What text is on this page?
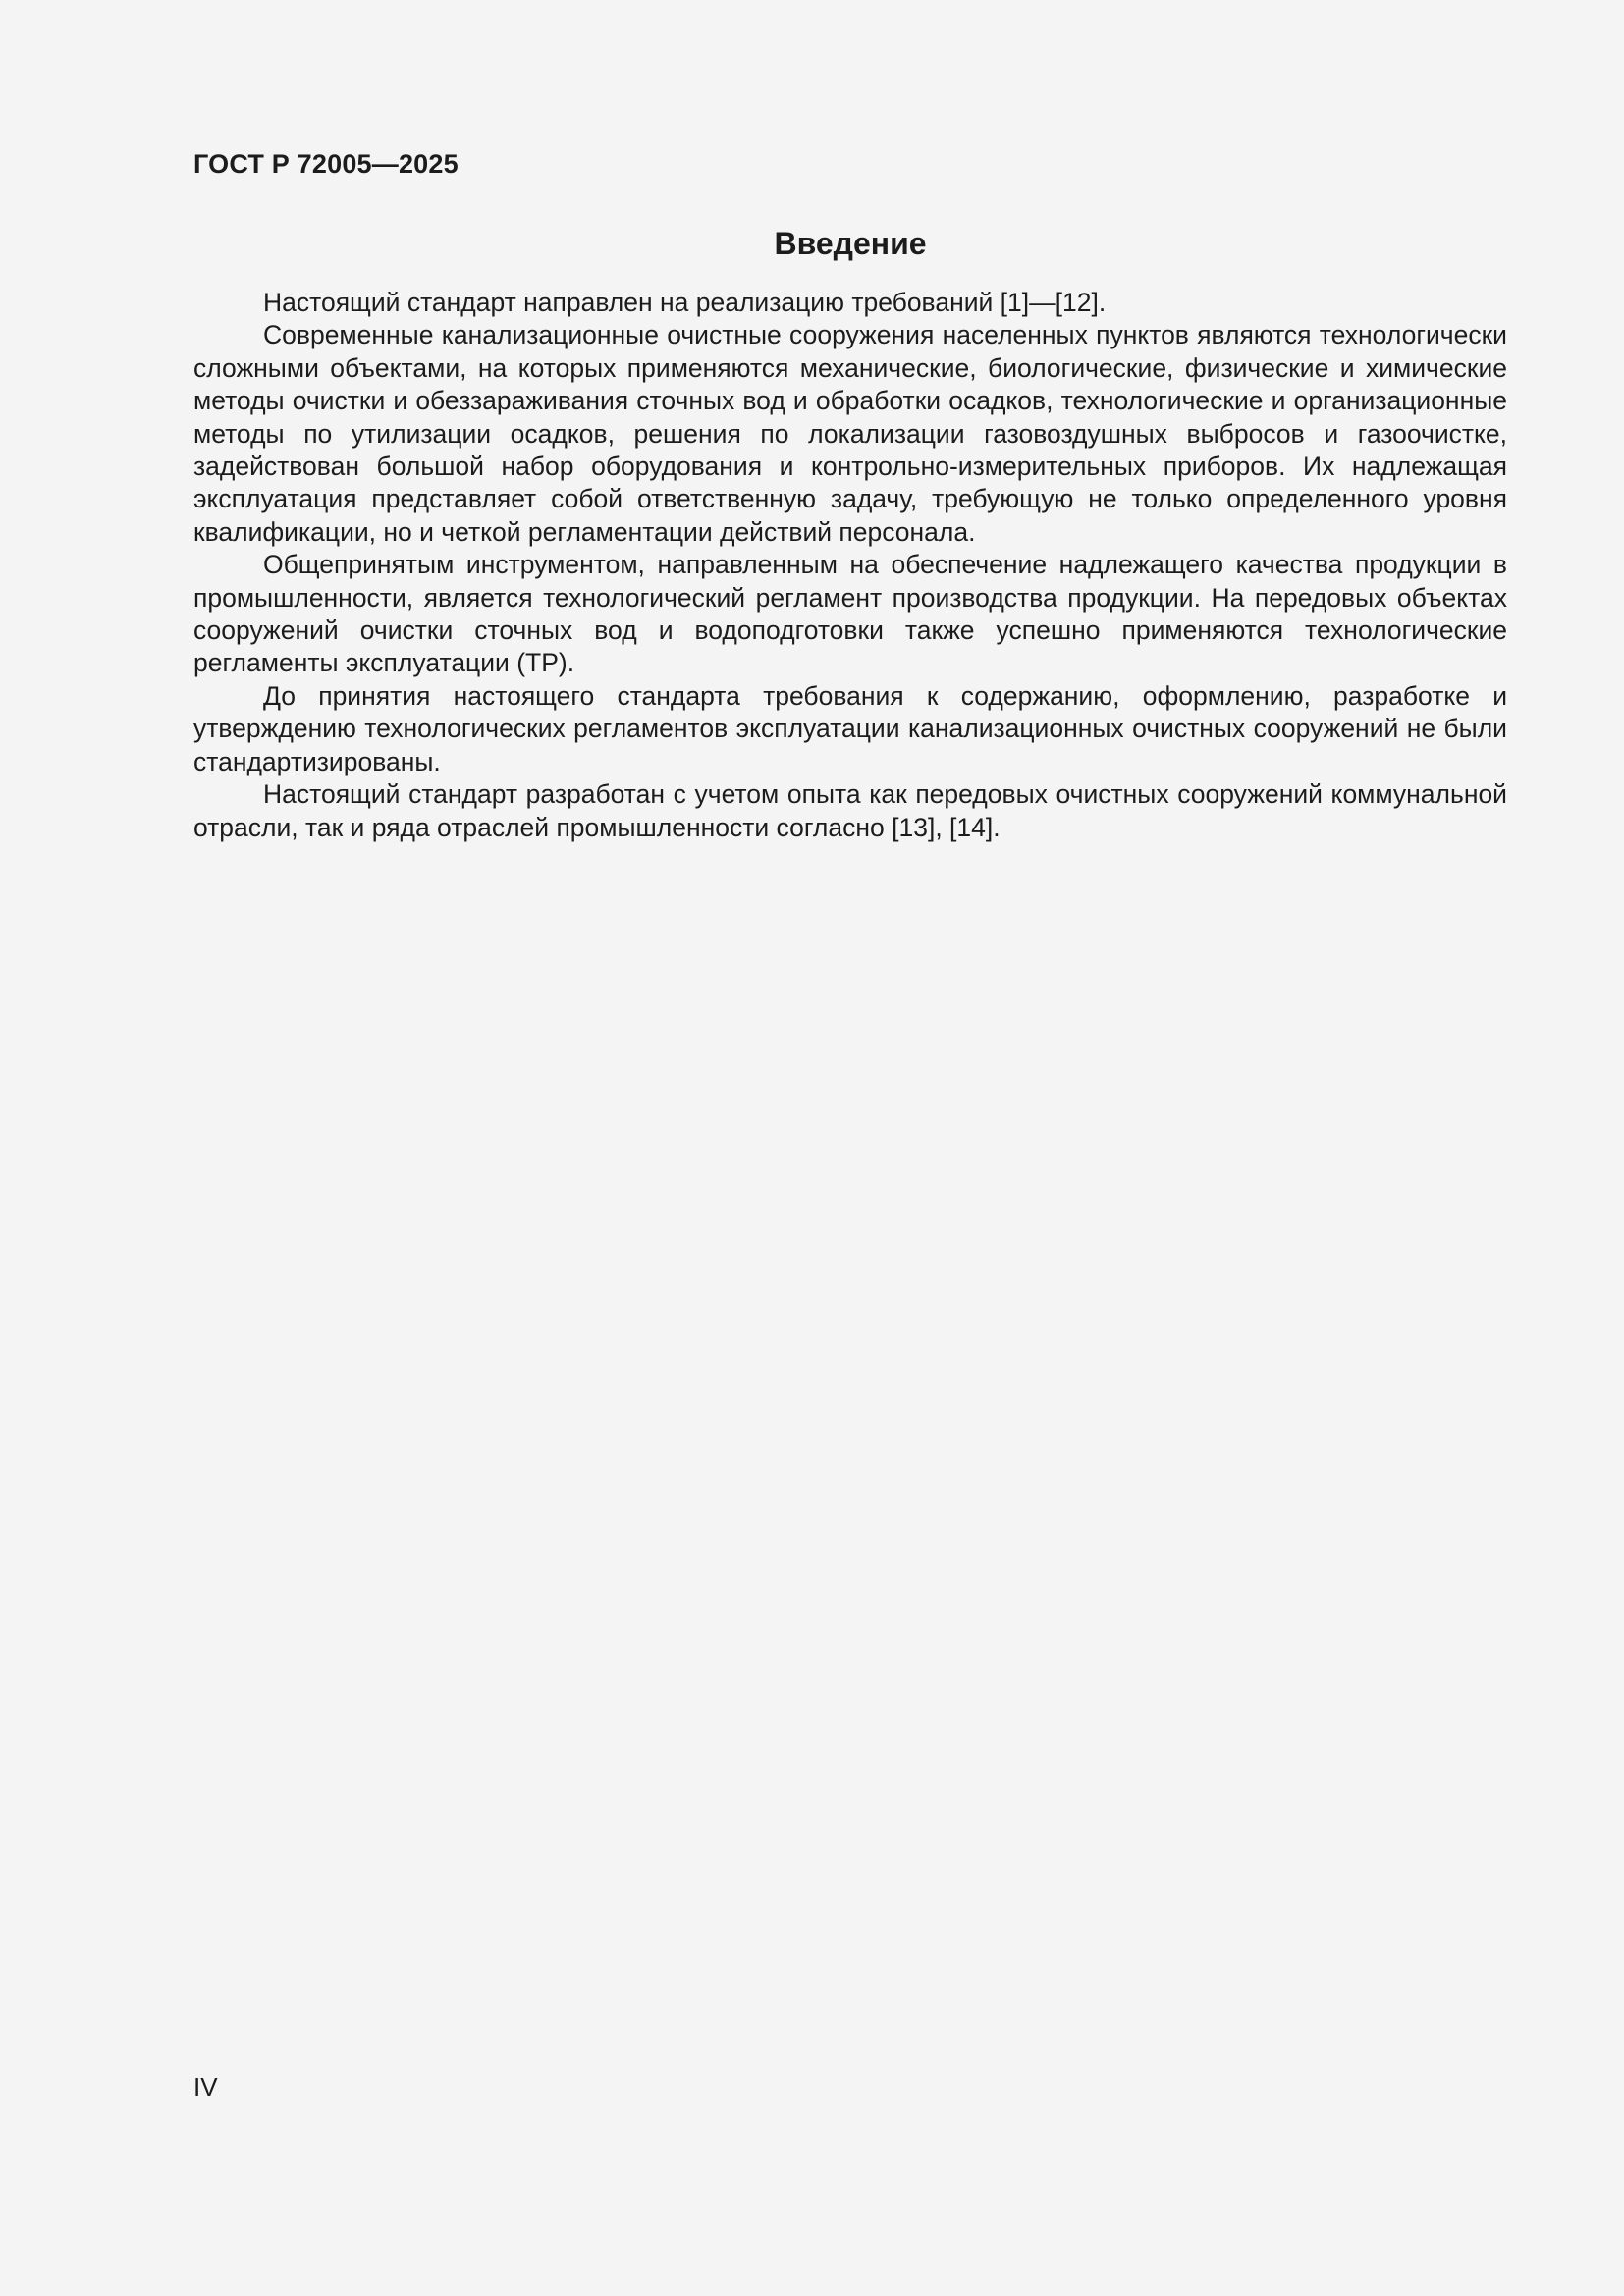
ГОСТ Р 72005—2025
Введение

Настоящий стандарт направлен на реализацию требований [1]—[12].

Современные канализационные очистные сооружения населенных пунктов являются технологически сложными объектами, на которых применяются механические, биологические, физические и химические методы очистки и обеззараживания сточных вод и обработки осадков, технологические и организационные методы по утилизации осадков, решения по локализации газовоздушных выбросов и газоочистке, задействован большой набор оборудования и контрольно-измерительных приборов. Их надлежащая эксплуатация представляет собой ответственную задачу, требующую не только определенного уровня квалификации, но и четкой регламентации действий персонала.

Общепринятым инструментом, направленным на обеспечение надлежащего качества продукции в промышленности, является технологический регламент производства продукции. На передовых объектах сооружений очистки сточных вод и водоподготовки также успешно применяются технологические регламенты эксплуатации (ТР).

До принятия настоящего стандарта требования к содержанию, оформлению, разработке и утверждению технологических регламентов эксплуатации канализационных очистных сооружений не были стандартизированы.

Настоящий стандарт разработан с учетом опыта как передовых очистных сооружений коммунальной отрасли, так и ряда отраслей промышленности согласно [13], [14].

IV
